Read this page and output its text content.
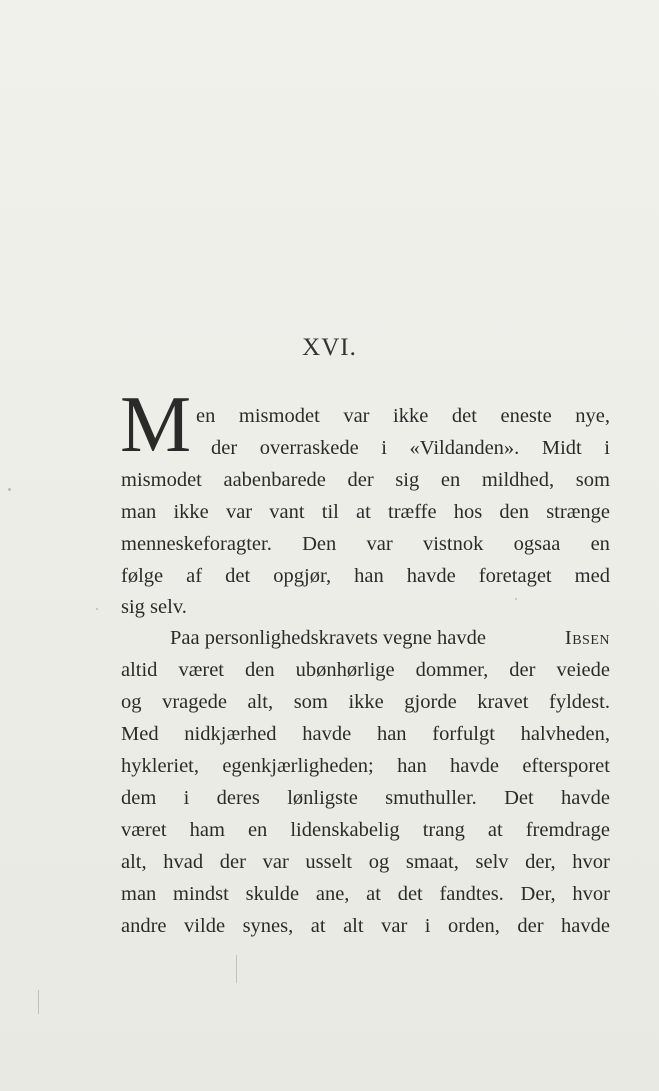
XVI.
M en mismodet var ikke det eneste nye,
der overraskede i «Vildanden». Midt i
mismodet aabenbarede der sig en mildhed, som
man ikke var vant til at træffe hos den strænge
menneskeforagter. Den var vistnok ogsaa en
følge af det opgjør, han havde foretaget med
sig selv.
Paa personlighedskravets vegne havde	Ibsen
altid været den ubønhørlige dommer, der veiede
og vragede alt, som ikke gjorde kravet fyldest.
Med nidkjærhed havde han forfulgt halvheden,
hykleriet, egenkjærligheden; han havde eftersporet
dem i deres lønligste smuthuller. Det havde
været ham en lidenskabelig trang at fremdrage
alt, hvad der var usselt og smaat, selv der, hvor
man mindst skulde ane, at det fandtes. Der, hvor
andre vilde synes, at alt var i orden, der havde
